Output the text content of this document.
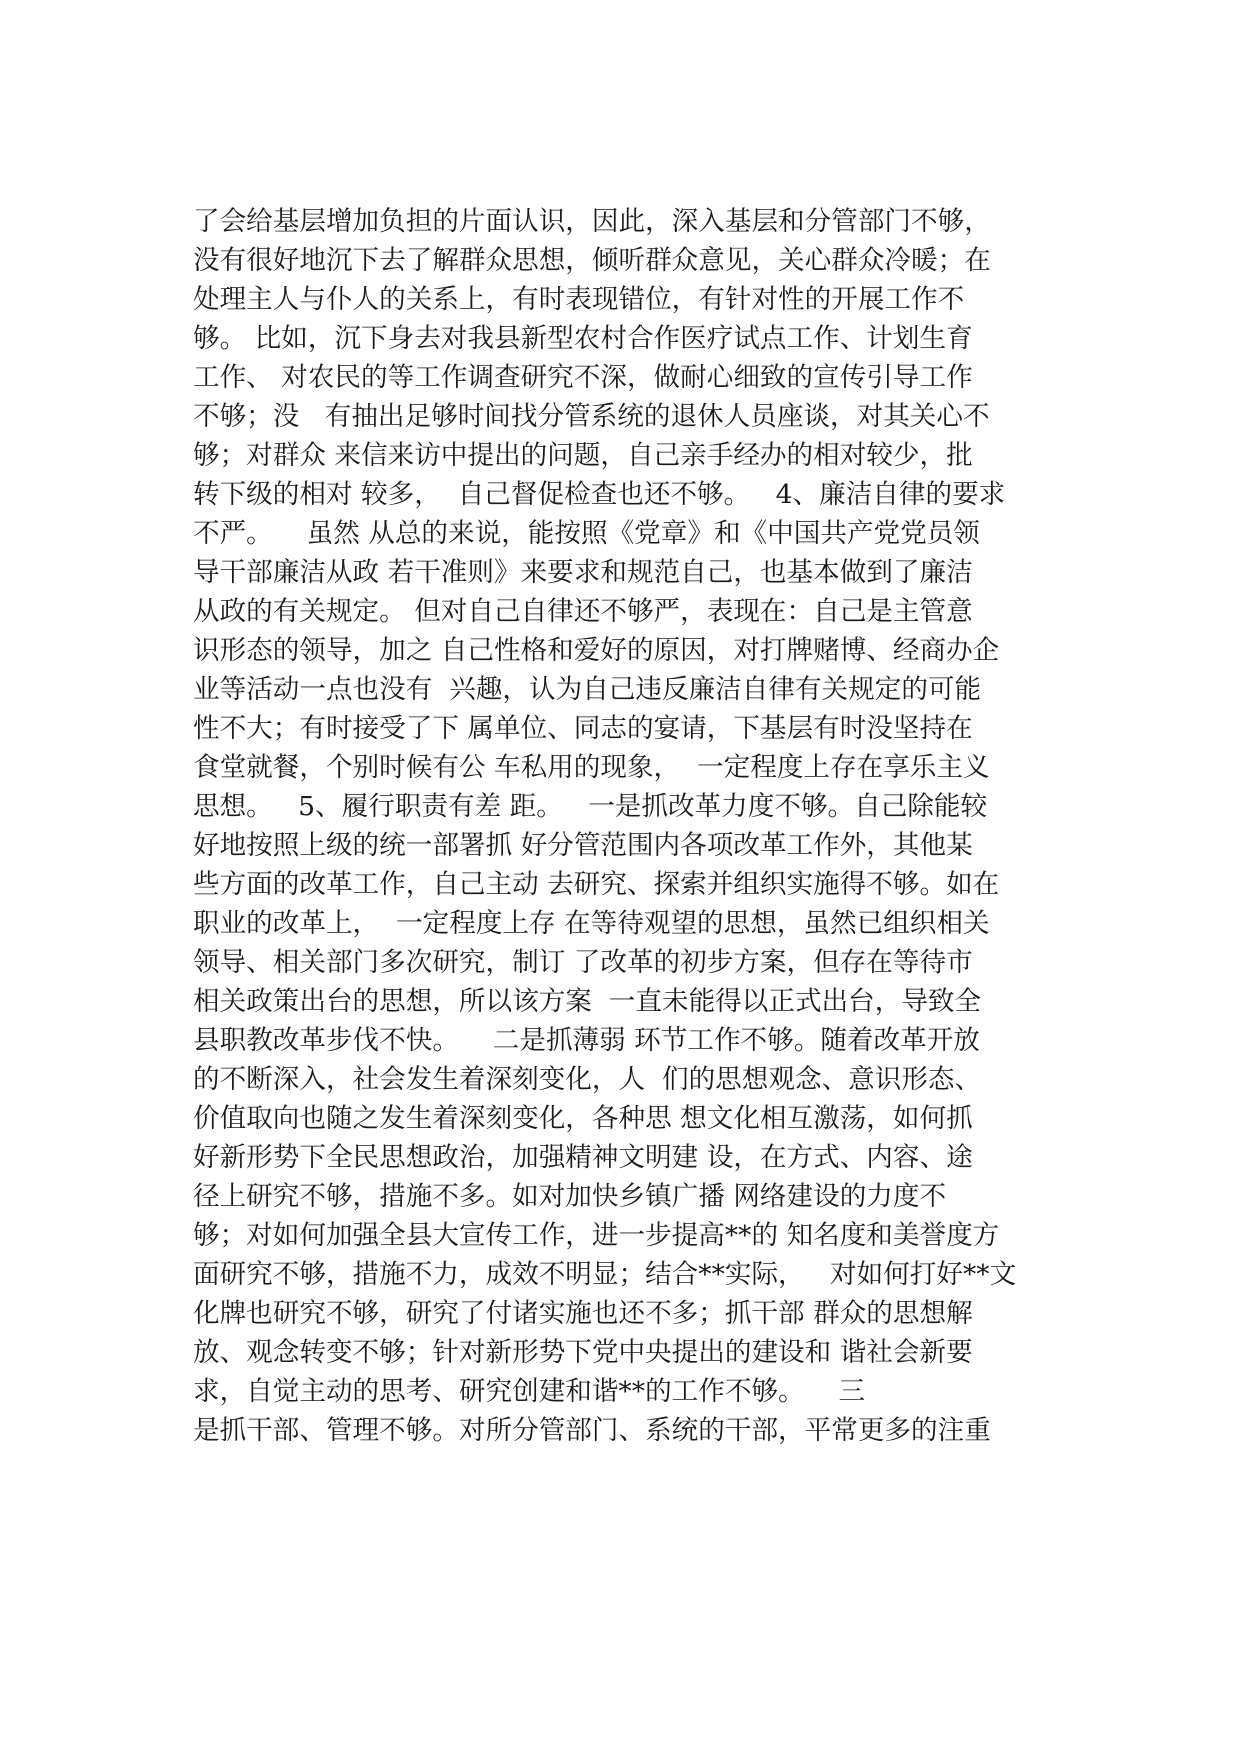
了会给基层增加负担的片面认识，因此，深入基层和分管部门不够，
没有很好地沉下去了解群众思想，倾听群众意见，关心群众冷暖；在
处理主人与仆人的关系上，有时表现错位，有针对性的开展工作不
够。 比如，沉下身去对我县新型农村合作医疗试点工作、计划生育
工作、 对农民的等工作调查研究不深，做耐心细致的宣传引导工作
不够；没   有抽出足够时间找分管系统的退休人员座谈，对其关心不
够；对群众 来信来访中提出的问题，自己亲手经办的相对较少，批
转下级的相对 较多，  自己督促检查也还不够。   4、廉洁自律的要求
不严。    虽然 从总的来说，能按照《党章》和《中国共产党党员领
导干部廉洁从政 若干准则》来要求和规范自己，也基本做到了廉洁
从政的有关规定。 但对自己自律还不够严，表现在：自己是主管意
识形态的领导，加之 自己性格和爱好的原因，对打牌赌博、经商办企
业等活动一点也没有  兴趣，认为自己违反廉洁自律有关规定的可能
性不大；有时接受了下 属单位、同志的宴请，下基层有时没坚持在
食堂就餐，个别时候有公 车私用的现象，  一定程度上存在享乐主义
思想。   5、履行职责有差 距。   一是抓改革力度不够。自己除能较
好地按照上级的统一部署抓 好分管范围内各项改革工作外，其他某
些方面的改革工作，自己主动 去研究、探索并组织实施得不够。如在
职业的改革上，  一定程度上存 在等待观望的思想，虽然已组织相关
领导、相关部门多次研究，制订 了改革的初步方案，但存在等待市
相关政策出台的思想，所以该方案  一直未能得以正式出台，导致全
县职教改革步伐不快。    二是抓薄弱 环节工作不够。随着改革开放
的不断深入，社会发生着深刻变化，人  们的思想观念、意识形态、
价值取向也随之发生着深刻变化，各种思 想文化相互激荡，如何抓
好新形势下全民思想政治，加强精神文明建 设，在方式、内容、途
径上研究不够，措施不多。如对加快乡镇广播 网络建设的力度不
够；对如何加强全县大宣传工作，进一步提高**的 知名度和美誉度方
面研究不够，措施不力，成效不明显；结合**实际，   对如何打好**文
化牌也研究不够，研究了付诸实施也还不多；抓干部 群众的思想解
放、观念转变不够；针对新形势下党中央提出的建设和 谐社会新要
求，自觉主动的思考、研究创建和谐**的工作不够。    三
是抓干部、管理不够。对所分管部门、系统的干部，平常更多的注重
